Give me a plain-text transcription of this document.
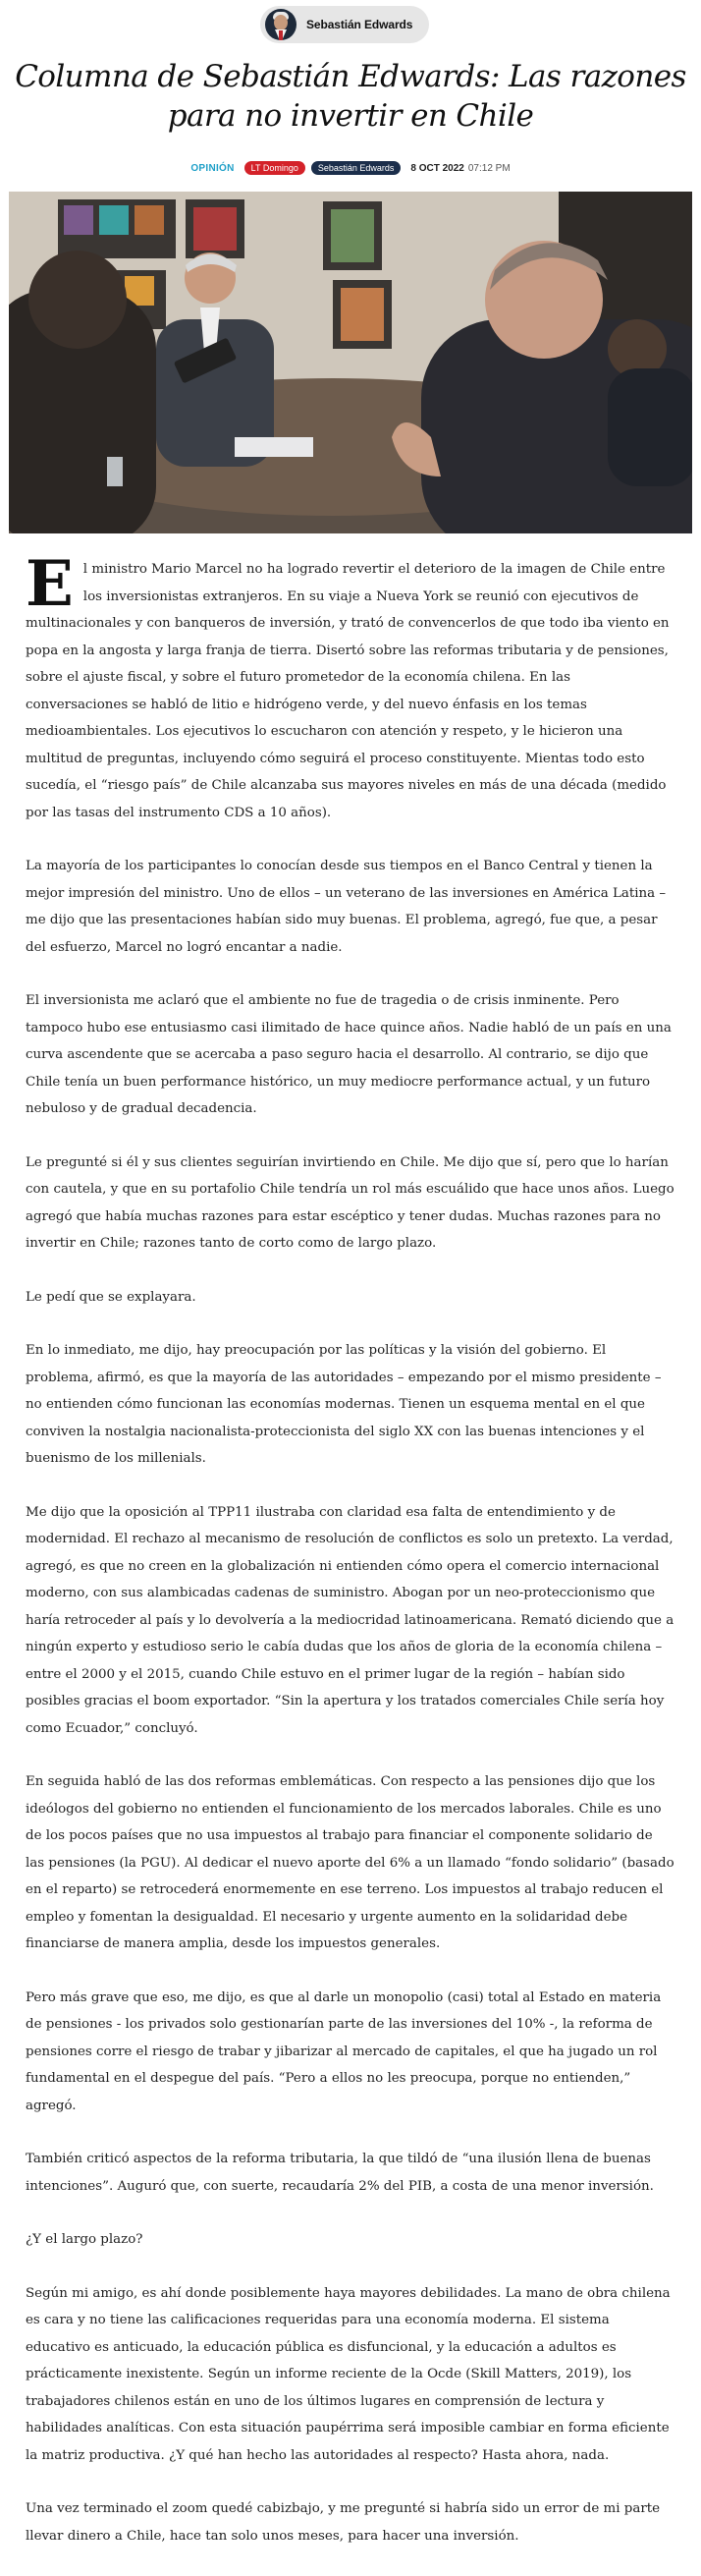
Sebastián Edwards
Columna de Sebastián Edwards: Las razones para no invertir en Chile
OPINIÓN	LT Domingo	Sebastián Edwards	8 OCT 2022 07:12 PM

El ministro Mario Marcel no ha logrado revertir el deterioro de la imagen de Chile entre los inversionistas extranjeros. En su viaje a Nueva York se reunió con ejecutivos de multinacionales y con banqueros de inversión, y trató de convencerlos de que todo iba viento en popa en la angosta y larga franja de tierra. Disertó sobre las reformas tributaria y de pensiones, sobre el ajuste fiscal, y sobre el futuro prometedor de la economía chilena. En las conversaciones se habló de litio e hidrógeno verde, y del nuevo énfasis en los temas medioambientales. Los ejecutivos lo escucharon con atención y respeto, y le hicieron una multitud de preguntas, incluyendo cómo seguirá el proceso constituyente. Mientas todo esto sucedía, el “riesgo país” de Chile alcanzaba sus mayores niveles en más de una década (medido por las tasas del instrumento CDS a 10 años).

La mayoría de los participantes lo conocían desde sus tiempos en el Banco Central y tienen la mejor impresión del ministro. Uno de ellos – un veterano de las inversiones en América Latina – me dijo que las presentaciones habían sido muy buenas. El problema, agregó, fue que, a pesar del esfuerzo, Marcel no logró encantar a nadie.

El inversionista me aclaró que el ambiente no fue de tragedia o de crisis inminente. Pero tampoco hubo ese entusiasmo casi ilimitado de hace quince años. Nadie habló de un país en una curva ascendente que se acercaba a paso seguro hacia el desarrollo. Al contrario, se dijo que Chile tenía un buen performance histórico, un muy mediocre performance actual, y un futuro nebuloso y de gradual decadencia.

Le pregunté si él y sus clientes seguirían invirtiendo en Chile. Me dijo que sí, pero que lo harían con cautela, y que en su portafolio Chile tendría un rol más escuálido que hace unos años. Luego agregó que había muchas razones para estar escéptico y tener dudas. Muchas razones para no invertir en Chile; razones tanto de corto como de largo plazo.

Le pedí que se explayara.

En lo inmediato, me dijo, hay preocupación por las políticas y la visión del gobierno. El problema, afirmó, es que la mayoría de las autoridades – empezando por el mismo presidente – no entienden cómo funcionan las economías modernas. Tienen un esquema mental en el que conviven la nostalgia nacionalista-proteccionista del siglo XX con las buenas intenciones y el buenismo de los millenials.

Me dijo que la oposición al TPP11 ilustraba con claridad esa falta de entendimiento y de modernidad. El rechazo al mecanismo de resolución de conflictos es solo un pretexto. La verdad, agregó, es que no creen en la globalización ni entienden cómo opera el comercio internacional moderno, con sus alambicadas cadenas de suministro. Abogan por un neo-proteccionismo que haría retroceder al país y lo devolvería a la mediocridad latinoamericana. Remató diciendo que a ningún experto y estudioso serio le cabía dudas que los años de gloria de la economía chilena – entre el 2000 y el 2015, cuando Chile estuvo en el primer lugar de la región – habían sido posibles gracias el boom exportador. “Sin la apertura y los tratados comerciales Chile sería hoy como Ecuador,” concluyó.

En seguida habló de las dos reformas emblemáticas. Con respecto a las pensiones dijo que los ideólogos del gobierno no entienden el funcionamiento de los mercados laborales. Chile es uno de los pocos países que no usa impuestos al trabajo para financiar el componente solidario de las pensiones (la PGU). Al dedicar el nuevo aporte del 6% a un llamado “fondo solidario” (basado en el reparto) se retrocederá enormemente en ese terreno. Los impuestos al trabajo reducen el empleo y fomentan la desigualdad. El necesario y urgente aumento en la solidaridad debe financiarse de manera amplia, desde los impuestos generales.

Pero más grave que eso, me dijo, es que al darle un monopolio (casi) total al Estado en materia de pensiones - los privados solo gestionarían parte de las inversiones del 10% -, la reforma de pensiones corre el riesgo de trabar y jibarizar al mercado de capitales, el que ha jugado un rol fundamental en el despegue del país. “Pero a ellos no les preocupa, porque no entienden,” agregó.

También criticó aspectos de la reforma tributaria, la que tildó de “una ilusión llena de buenas intenciones”. Auguró que, con suerte, recaudaría 2% del PIB, a costa de una menor inversión.

¿Y el largo plazo?

Según mi amigo, es ahí donde posiblemente haya mayores debilidades. La mano de obra chilena es cara y no tiene las calificaciones requeridas para una economía moderna. El sistema educativo es anticuado, la educación pública es disfuncional, y la educación a adultos es prácticamente inexistente. Según un informe reciente de la Ocde (Skill Matters, 2019), los trabajadores chilenos están en uno de los últimos lugares en comprensión de lectura y habilidades analíticas. Con esta situación paupérrima será imposible cambiar en forma eficiente la matriz productiva. ¿Y qué han hecho las autoridades al respecto? Hasta ahora, nada.

Una vez terminado el zoom quedé cabizbajo, y me pregunté si habría sido un error de mi parte llevar dinero a Chile, hace tan solo unos meses, para hacer una inversión.
